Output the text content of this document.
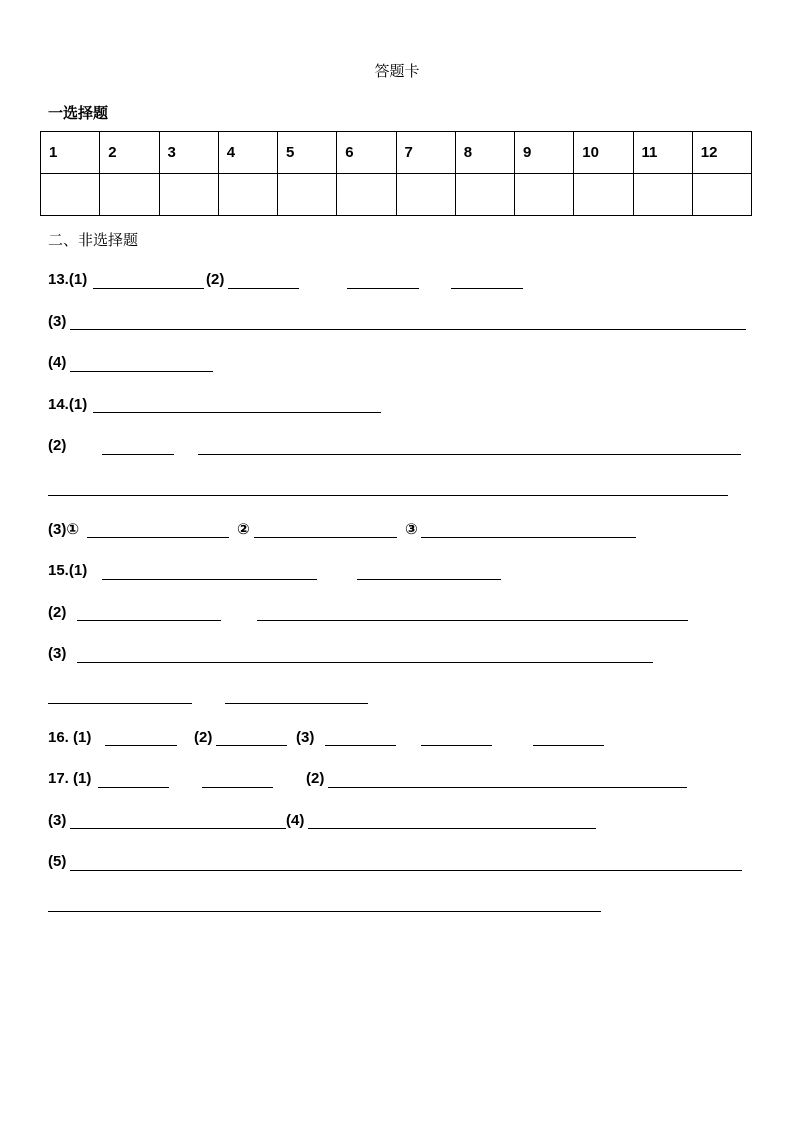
答题卡
一选择题
1	2	3	4	5	6	7	8	9	10	11	12

二、非选择题
13.(1)	(2)
(3)
(4)
14.(1)
(2)
(3)①	②	③
15.(1)
(2)
(3)
16. (1)	(2)	(3)
17. (1)	(2)
(3)	(4)
(5)
